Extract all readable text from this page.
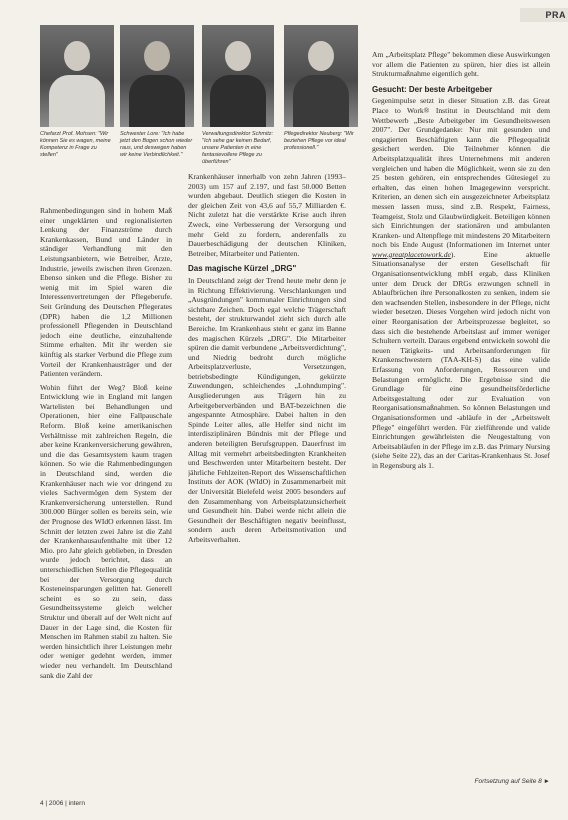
PRA
Chefarzt Prof. Mohsen: "Wir können Sie es wagen, meine Kompetenz in Frage zu stellen"
Schwester Lore: "Ich habe jetzt den Bogen schon wieder raus, und deswegen haben wir keine Verbindlichkeit."
Verwaltungsdirektor Schmitz: "Ich sehe gar keinen Bedarf, unsere Patienten in eine fantasievollere Pflege zu überführen"
Pflegedirektor Neuberg: "Wir beziehen Pflege vor ideal professionell."

Rahmenbedingungen sind in hohem Maß einer ungeklärten und regionalisierten Lenkung der Finanzströme durch Krankenkassen, Bund und Länder in ständiger Verhandlung mit den Leistungsanbietern, wie Betreiber, Ärzte, Industrie, jeweils zwischen ihren Grenzen. Ebenso sinken und die Pflege. Bisher zu wenig mit im Spiel waren die Interessenvertretungen der Pflegeberufe. Seit Gründung des Deutschen Pflegerates (DPR) haben die 1,2 Millionen professionell Pflegenden in Deutschland jedoch eine deutliche, einzuhaltende Stimme erhalten. Mit ihr werden sie künftig als starker Verbund die Pflege zum Vorteil der Krankenhausträger und der Patienten verändern.

Wohin führt der Weg? Bloß keine Entwicklung wie in England mit langen Wartelisten bei Behandlungen und Operationen, hier eine Fallpauschale Reform. Bloß keine amerikanischen Verhältnisse mit zahlreichen Regeln, die aber keine Krankenversicherung gewähren, und die das Gesamtsystem kaum tragen können. So wie die Rahmenbedingungen in Deutschland sind, werden die Krankenhäuser nach wie vor dringend zu vieles Sachvermögen dem System der Krankenversicherung unterstellen. Rund 300.000 Bürger sollen es bereits sein, wie der Prognose des WIdO erkennen lässt. Im Schnitt der letzten zwei Jahre ist die Zahl der Krankenhausaufenthalte mit über 12 Mio. pro Jahr gleich geblieben, in Dresden wurde jedoch berichtet, dass an unterschiedlichen Stellen die Pflegequalität bei der Versorgung durch Kosteneinsparungen gelitten hat. Generell scheint es so zu sein, dass Gesundheitssysteme gleich welcher Struktur und überall auf der Welt nicht auf Dauer in der Lage sind, die Kosten für Menschen im Rahmen stabil zu halten. Sie werden hinsichtlich ihrer Leistungen mehr oder weniger gedehnt werden, immer wieder neu verhandelt. Im Deutschland sank die Zahl der

Krankenhäuser innerhalb von zehn Jahren (1993–2003) um 157 auf 2.197, und fast 50.000 Betten wurden abgebaut. Deutlich stiegen die Kosten in der gleichen Zeit von 43,6 auf 55,7 Milliarden €. Nicht zuletzt hat die verstärkte Krise auch ihren Zweck, eine Verbesserung der Versorgung und mehr Geld zu fordern, anderenfalls zu Dauerbeschädigung der deutschen Kliniken, Betreiber, Mitarbeiter und Patienten.

Das magische Kürzel „DRG"

In Deutschland zeigt der Trend heute mehr denn je in Richtung Effektivierung. Verschlankungen und „Ausgründungen" kommunaler Einrichtungen sind sichtbare Zeichen. Doch egal welche Trägerschaft besteht, der strukturwandel zieht sich durch alle Bereiche. Im Krankenhaus steht er ganz im Banne des magischen Kürzels „DRG". Die Mitarbeiter spüren die damit verbundene „Arbeitsverdichtung", und Niedrig bedroht durch mögliche Arbeitsplatzverluste, Versetzungen, betriebsbedingte Kündigungen, gekürzte Zuwendungen, schleichendes „Lohndumping". Ausgliederungen aus Trägern hin zu Arbeitgeberverbänden und BAT-bezeichnen die angespannte Atmosphäre. Dabei halten in den Spinde Leiter alles, alle Helfer sind nicht im interdisziplinären Bündnis mit der Pflege und anderen beteiligten Berufsgruppen. Dauerfrust im Alltag mit vermehrt arbeitsbedingten Krankheiten und Beschwerden unter Mitarbeitern besteht. Der jährliche Fehlzeiten-Report des Wissenschaftlichen Instituts der AOK (WIdO) in Zusammenarbeit mit der Universität Bielefeld weist 2005 besonders auf den Zusammenhang von Arbeitsplatzunsicherheit und Gesundheit hin. Dabei werde nicht allein die Gesundheit der Beschäftigten negativ beeinflusst, sondern auch deren Arbeitsmotivation und Arbeitsverhalten.

Am „Arbeitsplatz Pflege" bekommen diese Auswirkungen vor allem die Patienten zu spüren, hier dies ist allein Strukturmaßnahme eigentlich geht.

Gesucht: Der beste Arbeitgeber

Gegenimpulse setzt in dieser Situation z.B. das Great Place to Work® Institut in Deutschland mit dem Wettbewerb „Beste Arbeitgeber im Gesundheitswesen 2007". Der Grundgedanke: Nur mit gesunden und engagierten Beschäftigten kann die Pflegequalität gesichert werden. Die Teilnehmer können die Arbeitsplatzqualität ihres Unternehmens mit anderen vergleichen und haben die Möglichkeit, wenn sie zu den 25 besten gehören, ein entsprechendes Gütesiegel zu erhalten, das einen hohen Imagegewinn verspricht. Kriterien, an denen sich ein ausgezeichneter Arbeitsplatz messen lassen muss, sind z.B. Respekt, Fairness, Teamgeist, Stolz und Glaubwürdigkeit. Beteiligen können sich Einrichtungen der stationären und ambulanten Kranken- und Altenpflege mit mindestens 20 Mitarbeitern noch bis Ende August (Informationen im Internet unter www.greatplacetowork.de). Eine aktuelle Situationsanalyse der ersten Gesellschaft für Organisationsentwicklung mbH ergab, dass Kliniken unter dem Druck der DRGs erzwungen schnell in Ablaufbrüchen ihre Personalkosten zu senken, indem sie den wachsenden Stellen, insbesondere in der Pflege, nicht wieder besetzen. Dieses Vorgehen wird jedoch nicht von einer Reorganisation der Arbeitsprozesse begleitet, so dass sich die bestehende Arbeitslast auf immer weniger Schultern verteilt. Daraus ergebend entwickeln sowohl die neuen Tätigkeits- und Arbeitsanforderungen für Krankenschwestern (TAA-KH-S) das eine valide Erfassung von Anforderungen, Ressourcen und Belastungen ermöglicht. Die Ergebnisse sind die Grundlage für eine gesundheitsförderliche Arbeitsgestaltung oder zur Evaluation von Reorganisationsmaßnahmen. So können Belastungen und Organisationsformen und -abläufe in der „Arbeitswelt Pflege" eingeführt werden. Für zielführende und valide Einrichtungen gewährleisten die Neugestaltung von Arbeitsabläufen in der Pflege im z.B. das Primary Nursing (siehe Seite 22), das an der Caritas-Krankenhaus St. Josef in Regensburg als 1.

Fortsetzung auf Seite 8 ►
4 | 2006 | intern
